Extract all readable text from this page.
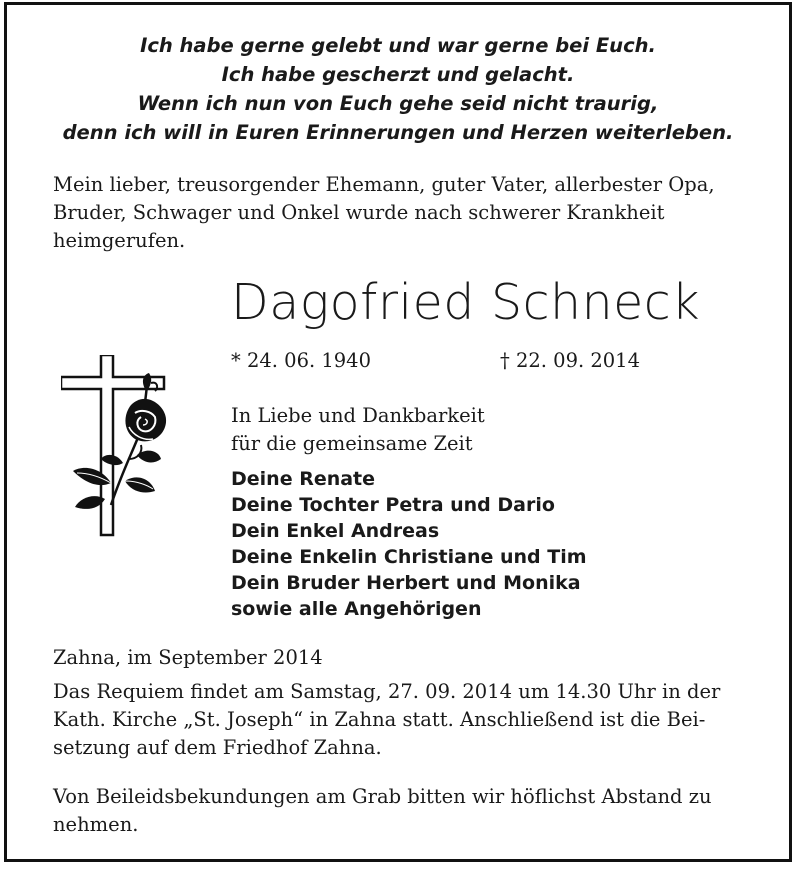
Ich habe gerne gelebt und war gerne bei Euch.
Ich habe gescherzt und gelacht.
Wenn ich nun von Euch gehe seid nicht traurig,
denn ich will in Euren Erinnerungen und Herzen weiterleben.
Mein lieber, treusorgender Ehemann, guter Vater, allerbester Opa,
Bruder, Schwager und Onkel wurde nach schwerer Krankheit
heimgerufen.
Dagofried Schneck
* 24. 06. 1940	† 22. 09. 2014
In Liebe und Dankbarkeit
für die gemeinsame Zeit
Deine Renate
Deine Tochter Petra und Dario
Dein Enkel Andreas
Deine Enkelin Christiane und Tim
Dein Bruder Herbert und Monika
sowie alle Angehörigen
Zahna, im September 2014
Das Requiem findet am Samstag, 27. 09. 2014 um 14.30 Uhr in der
Kath. Kirche „St. Joseph“ in Zahna statt. Anschließend ist die Bei-
setzung auf dem Friedhof Zahna.
Von Beileidsbekundungen am Grab bitten wir höflichst Abstand zu
nehmen.
